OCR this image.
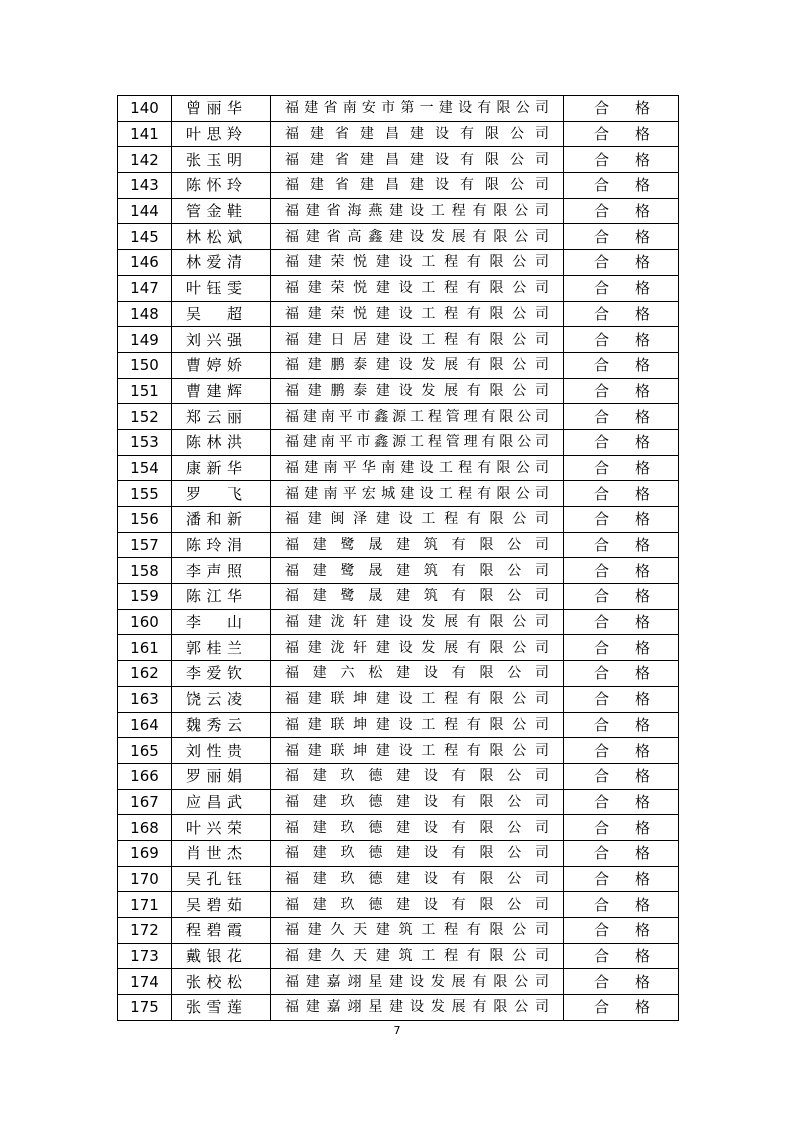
140	曾丽华	福建省南安市第一建设有限公司	合格
141	叶思羚	福建省建昌建设有限公司	合格
142	张玉明	福建省建昌建设有限公司	合格
143	陈怀玲	福建省建昌建设有限公司	合格
144	管金鞋	福建省海燕建设工程有限公司	合格
145	林松斌	福建省高鑫建设发展有限公司	合格
146	林爱清	福建荣悦建设工程有限公司	合格
147	叶钰雯	福建荣悦建设工程有限公司	合格
148	吴超	福建荣悦建设工程有限公司	合格
149	刘兴强	福建日居建设工程有限公司	合格
150	曹婷娇	福建鹏泰建设发展有限公司	合格
151	曹建辉	福建鹏泰建设发展有限公司	合格
152	郑云丽	福建南平市鑫源工程管理有限公司	合格
153	陈林洪	福建南平市鑫源工程管理有限公司	合格
154	康新华	福建南平华南建设工程有限公司	合格
155	罗飞	福建南平宏城建设工程有限公司	合格
156	潘和新	福建闽泽建设工程有限公司	合格
157	陈玲涓	福建鹭晟建筑有限公司	合格
158	李声照	福建鹭晟建筑有限公司	合格
159	陈江华	福建鹭晟建筑有限公司	合格
160	李山	福建泷轩建设发展有限公司	合格
161	郭桂兰	福建泷轩建设发展有限公司	合格
162	李爱钦	福建六松建设有限公司	合格
163	饶云凌	福建联坤建设工程有限公司	合格
164	魏秀云	福建联坤建设工程有限公司	合格
165	刘性贵	福建联坤建设工程有限公司	合格
166	罗丽娟	福建玖德建设有限公司	合格
167	应昌武	福建玖德建设有限公司	合格
168	叶兴荣	福建玖德建设有限公司	合格
169	肖世杰	福建玖德建设有限公司	合格
170	吴孔钰	福建玖德建设有限公司	合格
171	吴碧茹	福建玖德建设有限公司	合格
172	程碧霞	福建久天建筑工程有限公司	合格
173	戴银花	福建久天建筑工程有限公司	合格
174	张校松	福建嘉翊星建设发展有限公司	合格
175	张雪莲	福建嘉翊星建设发展有限公司	合格
7
